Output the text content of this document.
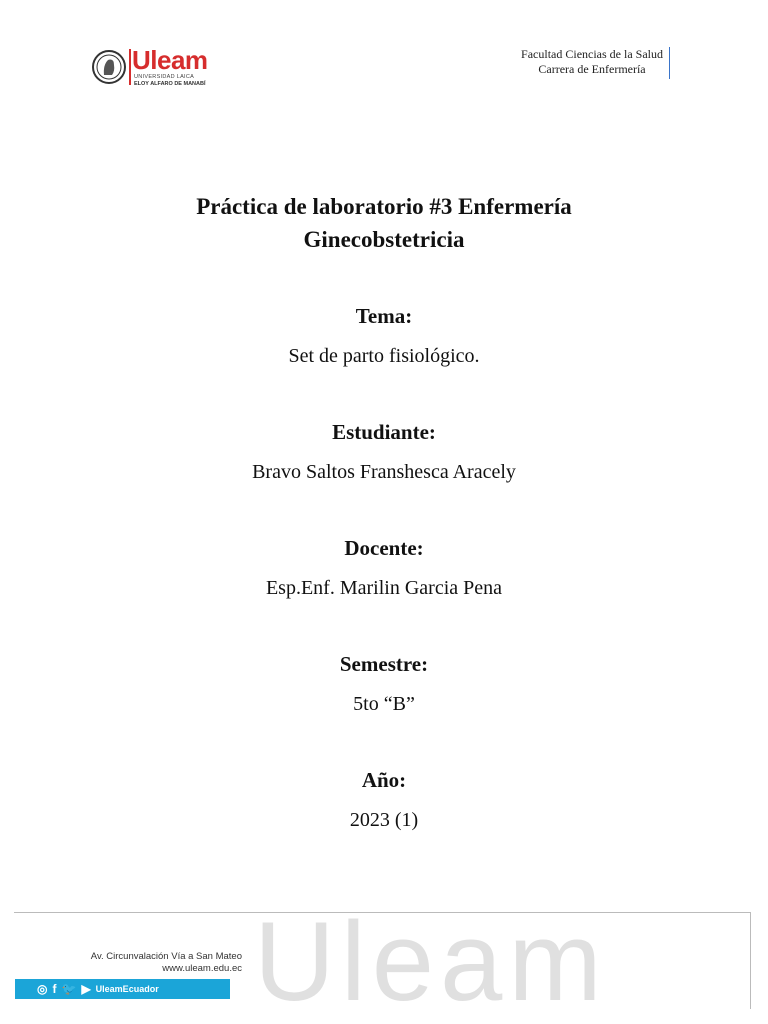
Uleam
UNIVERSIDAD LAICA
ELOY ALFARO DE MANABÍ
Facultad Ciencias de la Salud
Carrera de Enfermería
Práctica de laboratorio #3 Enfermería
Ginecobstetricia
Tema:
Set de parto fisiológico.
Estudiante:
Bravo Saltos Franshesca Aracely
Docente:
Esp.Enf. Marilin Garcia Pena
Semestre:
5to “B”
Año:
2023 (1)
Uleam
Av. Circunvalación Vía a San Mateo
www.uleam.edu.ec
◎ f 🐦 ▶ UleamEcuador
